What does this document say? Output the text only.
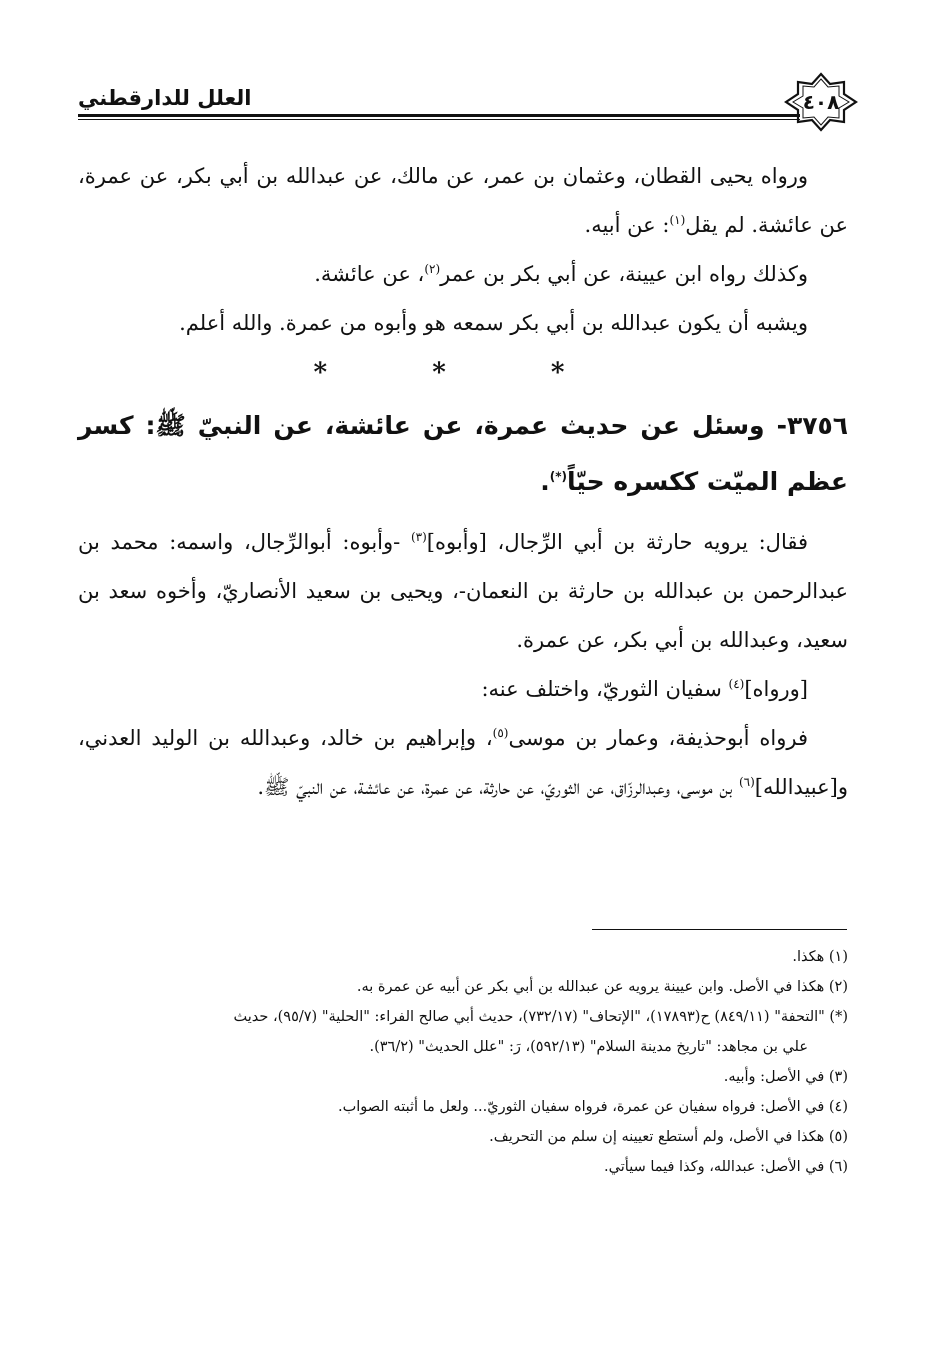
٤٠٨
العلل للدارقطني

ورواه يحيى القطان، وعثمان بن عمر، عن مالك، عن عبدالله بن أبي بكر، عن عمرة، عن عائشة. لم يقل$^{(١)}$: عن أبيه.

وكذلك رواه ابن عيينة، عن أبي بكر بن عمر$^{(٢)}$، عن عائشة.

ويشبه أن يكون عبدالله بن أبي بكر سمعه هو وأبوه من عمرة. والله أعلم.

* * *

٣٧٥٦- وسئل عن حديث عمرة، عن عائشة، عن النبيّ ﷺ: كسر عظم الميّت ككسره حيّاً(*).

فقال: يرويه حارثة بن أبي الرِّجال، [وأبوه]$^{(٣)}$ -وأبوه: أبوالرِّجال، واسمه: محمد بن عبدالرحمن بن عبدالله بن حارثة بن النعمان-، ويحيى بن سعيد الأنصاريّ، وأخوه سعد بن سعيد، وعبدالله بن أبي بكر، عن عمرة.

[ورواه]$^{(٤)}$ سفيان الثوريّ، واختلف عنه:

فرواه أبوحذيفة، وعمار بن موسى$^{(٥)}$، وإبراهيم بن خالد، وعبدالله بن الوليد العدني، و[عبيدالله]$^{(٦)}$ بن موسى، وعبدالرزّاق، عن الثوريّ، عن حارثة، عن عمرة، عن عائشة، عن النبيّ ﷺ.

(١) هكذا.

(٢) هكذا في الأصل. وابن عيينة يرويه عن عبدالله بن أبي بكر عن أبيه عن عمرة به.

(*) "التحفة" (٨٤٩/١١) ح(١٧٨٩٣)، "الإتحاف" (٧٣٢/١٧)، حديث أبي صالح الفراء: "الحلية" (٩٥/٧)، حديث

علي بن مجاهد: "تاريخ مدينة السلام" (٥٩٢/١٣)، رَ: "علل الحديث" (٣٦/٢).

(٣) في الأصل: وأبيه.

(٤) في الأصل: فرواه سفيان عن عمرة، فرواه سفيان الثوريّ... ولعل ما أثبته الصواب.

(٥) هكذا في الأصل، ولم أستطع تعيينه إن سلم من التحريف.

(٦) في الأصل: عبدالله، وكذا فيما سيأتي.
